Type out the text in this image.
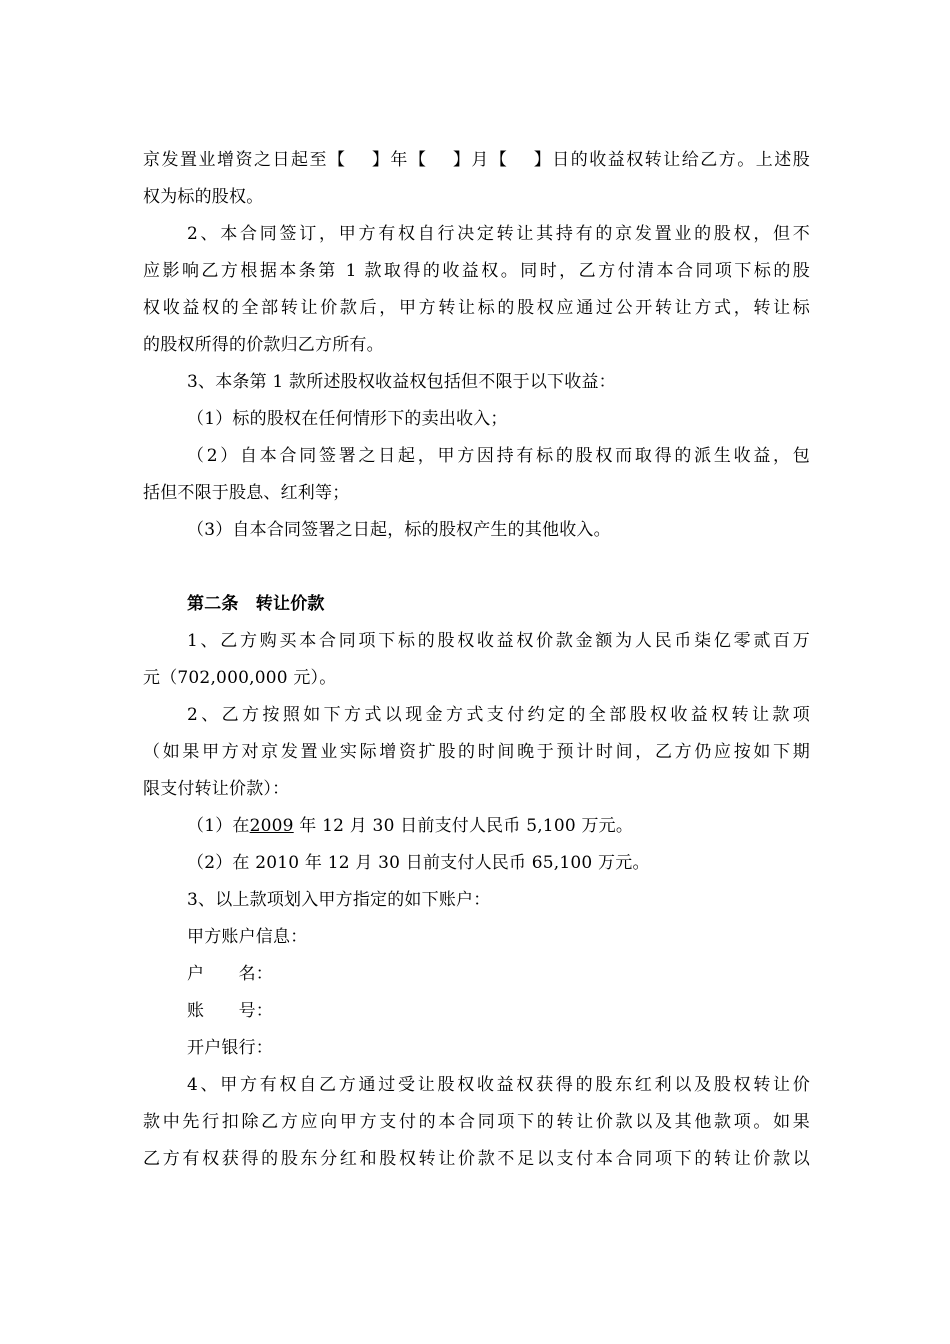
京发置业增资之日起至【　 】年【　 】月【　 】日的收益权转让给乙方。上述股
权为标的股权。
2、本合同签订，甲方有权自行决定转让其持有的京发置业的股权，但不
应影响乙方根据本条第 1 款取得的收益权。同时，乙方付清本合同项下标的股
权收益权的全部转让价款后，甲方转让标的股权应通过公开转让方式，转让标
的股权所得的价款归乙方所有。
3、本条第 1 款所述股权收益权包括但不限于以下收益：
（1）标的股权在任何情形下的卖出收入；
（2）自本合同签署之日起，甲方因持有标的股权而取得的派生收益，包
括但不限于股息、红利等；
（3）自本合同签署之日起，标的股权产生的其他收入。
第二条　转让价款
1、乙方购买本合同项下标的股权收益权价款金额为人民币柒亿零贰百万
元（702,000,000 元）。
2、乙方按照如下方式以现金方式支付约定的全部股权收益权转让款项
（如果甲方对京发置业实际增资扩股的时间晚于预计时间，乙方仍应按如下期
限支付转让价款）：
（1）在2009 年 12 月 30 日前支付人民币 5,100 万元。
（2）在 2010 年 12 月 30 日前支付人民币 65,100 万元。
3、以上款项划入甲方指定的如下账户：
甲方账户信息：
户　　名：
账　　号：
开户银行：
4、甲方有权自乙方通过受让股权收益权获得的股东红利以及股权转让价
款中先行扣除乙方应向甲方支付的本合同项下的转让价款以及其他款项。如果
乙方有权获得的股东分红和股权转让价款不足以支付本合同项下的转让价款以
